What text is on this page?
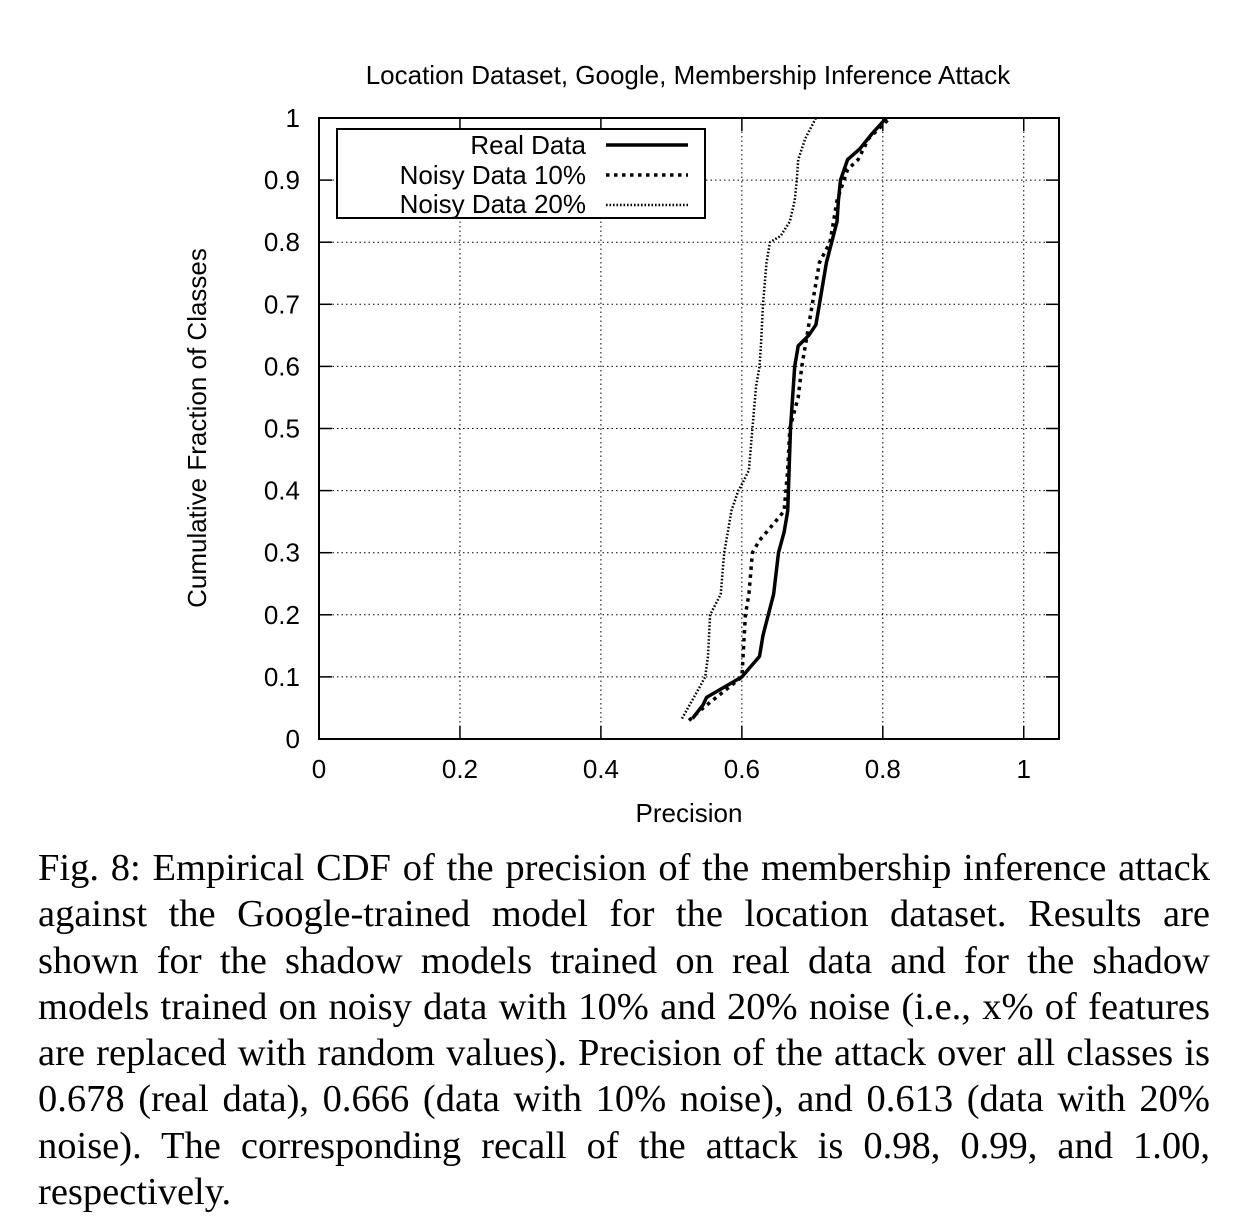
Location Dataset, Google, Membership Inference Attack
0
0.1
0.2
0.3
0.4
0.5
0.6
0.7
0.8
0.9
1
0	0.2	0.4	0.6	0.8	1
Precision
Cumulative Fraction of Classes
Real Data
Noisy Data 10%
Noisy Data 20%

Fig. 8: Empirical CDF of the precision of the membership inference attack against the Google-trained model for the location dataset. Results are shown for the shadow models trained on real data and for the shadow models trained on noisy data with 10% and 20% noise (i.e., x% of features are replaced with random values). Precision of the attack over all classes is 0.678 (real data), 0.666 (data with 10% noise), and 0.613 (data with 20% noise). The corresponding recall of the attack is 0.98, 0.99, and 1.00, respectively.
